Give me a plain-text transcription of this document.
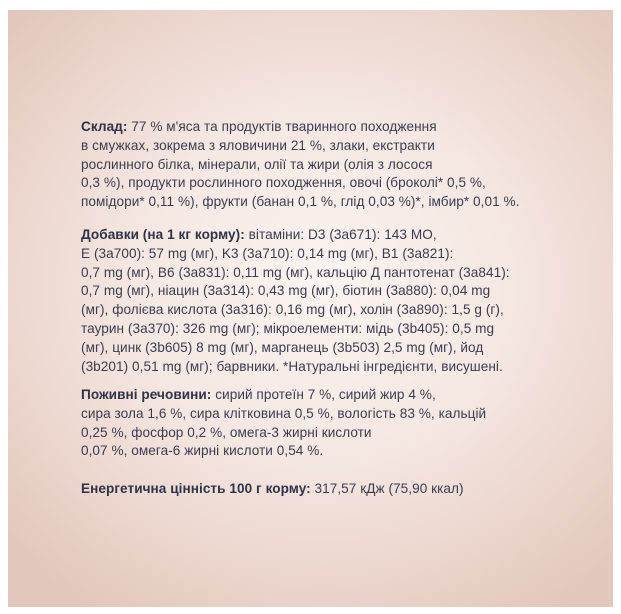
Склад: 77 % м'яса та продуктів тваринного походження
в смужках, зокрема з яловичини 21 %, злаки, екстракти
рослинного білка, мінерали, олії та жири (олія з лосося
0,3 %), продукти рослинного походження, овочі (броколі* 0,5 %,
помідори* 0,11 %), фрукти (банан 0,1 %, глід 0,03 %)*, імбир* 0,01 %.
Добавки (на 1 кг корму): вітаміни: D3 (3a671): 143 МО,
E (3a700): 57 mg (мг), K3 (3a710): 0,14 mg (мг), B1 (3a821):
0,7 mg (мг), B6 (3a831): 0,11 mg (мг), кальцію Д пантотенат (3a841):
0,7 mg (мг), ніацин (3a314): 0,43 mg (мг), біотин (3a880): 0,04 mg
(мг), фолієва кислота (3a316): 0,16 mg (мг), холін (3a890): 1,5 g (г),
таурин (3a370): 326 mg (мг); мікроелементи: мідь (3b405): 0,5 mg
(мг), цинк (3b605) 8 mg (мг), марганець (3b503) 2,5 mg (мг), йод
(3b201) 0,51 mg (мг); барвники. *Натуральні інгредієнти, висушені.
Поживні речовини: сирий протеїн 7 %, сирий жир 4 %,
сира зола 1,6 %, сира клітковина 0,5 %, вологість 83 %, кальцій
0,25 %, фосфор 0,2 %, омега-3 жирні кислоти
0,07 %, омега-6 жирні кислоти 0,54 %.
Енергетична цінність 100 г корму: 317,57 кДж (75,90 ккал)
